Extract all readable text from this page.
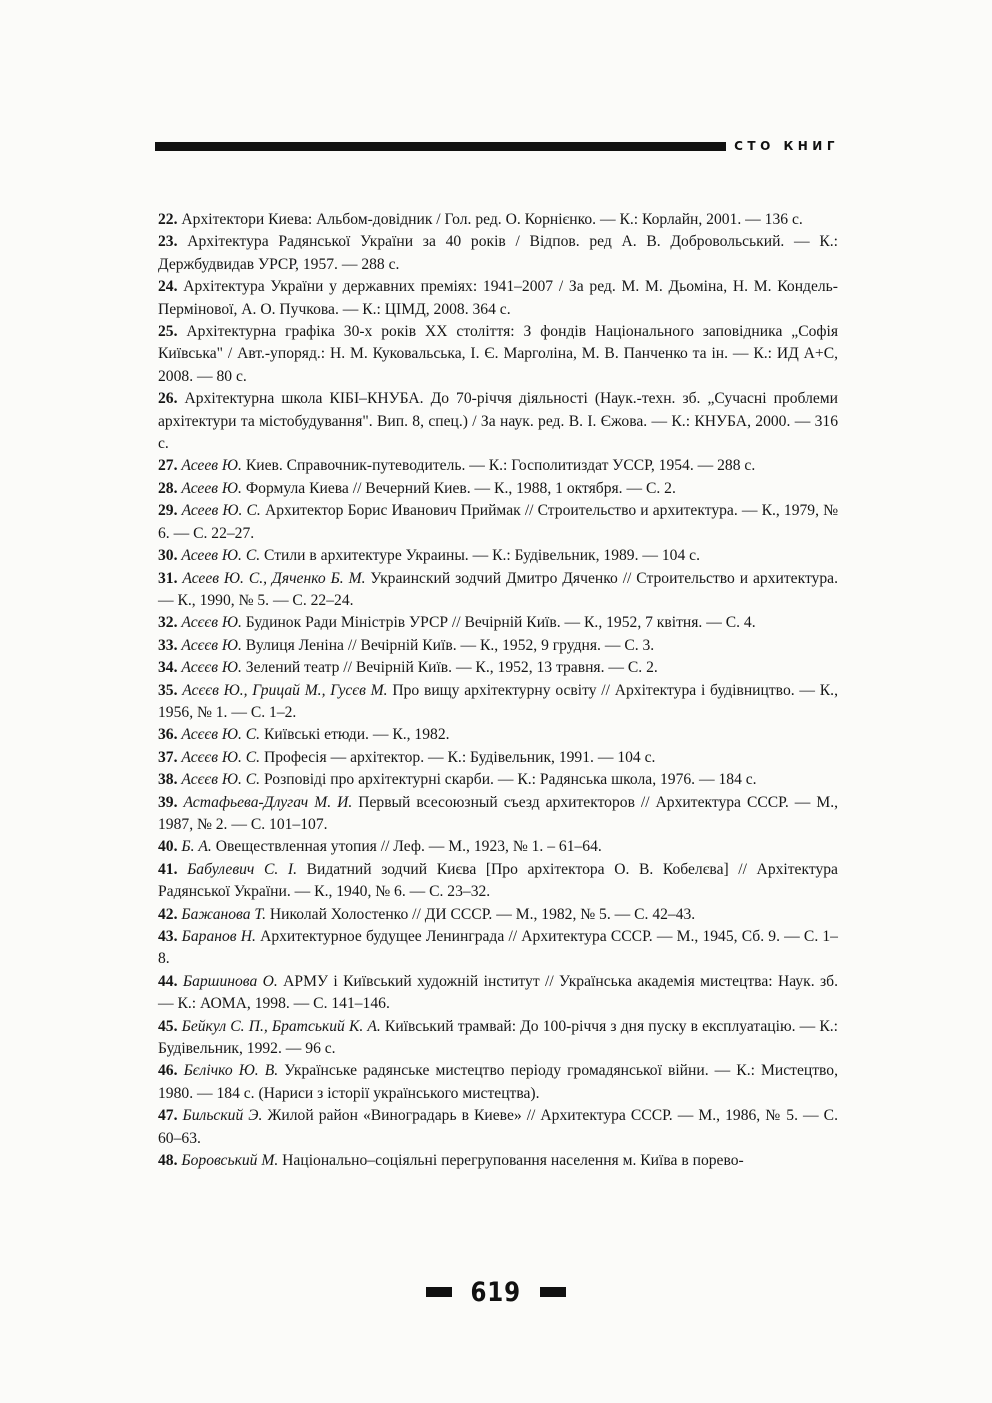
СТО КНИГ

22. Архітектори Киева: Альбом-довідник / Гол. ред. О. Корнієнко. — К.: Корлайн, 2001. — 136 с.

23. Архітектура Радянської України за 40 років / Відпов. ред А. В. Добровольський. — К.: Держбудвидав УРСР, 1957. — 288 с.

24. Архітектура України у державних преміях: 1941–2007 / За ред. М. М. Дьоміна, Н. М. Кондель-Пермінової, А. О. Пучкова. — К.: ЦІМД, 2008. 364 с.

25. Архітектурна графіка 30-х років XX століття: З фондів Національного заповідника „Софія Київська" / Авт.-упоряд.: Н. М. Куковальська, І. Є. Марголіна, М. В. Панченко та ін. — К.: ИД А+С, 2008. — 80 с.

26. Архітектурна школа КІБІ–КНУБА. До 70-річчя діяльності (Наук.-техн. зб. „Сучасні проблеми архітектури та містобудування". Вип. 8, спец.) / За наук. ред. В. І. Єжова. — К.: КНУБА, 2000. — 316 с.

27. Асеев Ю. Киев. Справочник-путеводитель. — К.: Госполитиздат УССР, 1954. — 288 с.

28. Асеев Ю. Формула Киева // Вечерний Киев. — К., 1988, 1 октября. — С. 2.

29. Асеев Ю. С. Архитектор Борис Иванович Приймак // Строительство и архитектура. — К., 1979, № 6. — С. 22–27.

30. Асеев Ю. С. Стили в архитектуре Украины. — К.: Будівельник, 1989. — 104 с.

31. Асеев Ю. С., Дяченко Б. М. Украинский зодчий Дмитро Дяченко // Строительство и архитектура. — К., 1990, № 5. — С. 22–24.

32. Асєєв Ю. Будинок Ради Міністрів УРСР // Вечірній Київ. — К., 1952, 7 квітня. — С. 4.

33. Асєєв Ю. Вулиця Леніна // Вечірній Київ. — К., 1952, 9 грудня. — С. 3.

34. Асєєв Ю. Зелений театр // Вечірній Київ. — К., 1952, 13 травня. — С. 2.

35. Асєєв Ю., Грицай М., Гусєв М. Про вищу архітектурну освіту // Архітектура і будівництво. — К., 1956, № 1. — С. 1–2.

36. Асєєв Ю. С. Київські етюди. — К., 1982.

37. Асєєв Ю. С. Професія — архітектор. — К.: Будівельник, 1991. — 104 с.

38. Асєєв Ю. С. Розповіді про архітектурні скарби. — К.: Радянська школа, 1976. — 184 с.

39. Астафьева-Длугач М. И. Первый всесоюзный съезд архитекторов // Архитектура СССР. — М., 1987, № 2. — С. 101–107.

40. Б. А. Овеществленная утопия // Леф. — М., 1923, № 1. – 61–64.

41. Бабулевич С. І. Видатний зодчий Києва [Про архітектора О. В. Кобелєва] // Архітектура Радянської України. — К., 1940, № 6. — С. 23–32.

42. Бажанова Т. Николай Холостенко // ДИ СССР. — М., 1982, № 5. — С. 42–43.

43. Баранов Н. Архитектурное будущее Ленинграда // Архитектура СССР. — М., 1945, Сб. 9. — С. 1–8.

44. Баршинова О. АРМУ і Київський художній інститут // Українська академія мистецтва: Наук. зб. — К.: АОМА, 1998. — С. 141–146.

45. Бейкул С. П., Братський К. А. Київський трамвай: До 100-річчя з дня пуску в експлуатацію. — К.: Будівельник, 1992. — 96 с.

46. Бєлічко Ю. В. Українське радянське мистецтво періоду громадянської війни. — К.: Мистецтво, 1980. — 184 с. (Нариси з історії українського мистецтва).

47. Бильский Э. Жилой район «Виноградарь в Киеве» // Архитектура СССР. — М., 1986, № 5. — С. 60–63.

48. Боровський М. Національно–соціяльні перегруповання населення м. Київа в порево-

619
